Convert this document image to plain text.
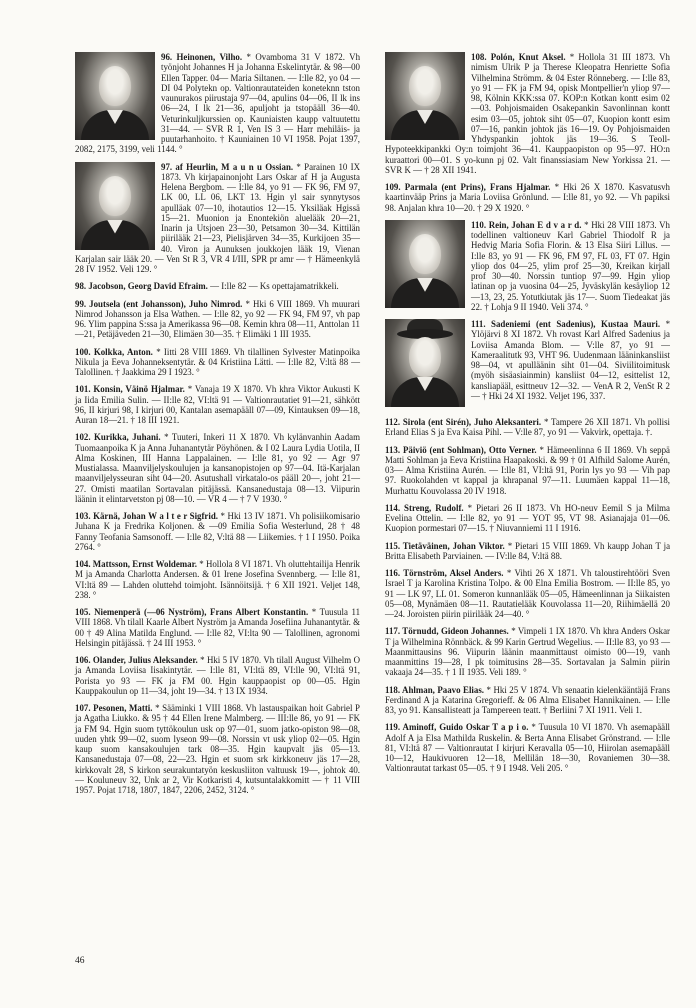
96. Heinonen, Vilho. * Ovamboma 31 V 1872. Vh työnjoht Johannes H ja Johanna Eskelintytär. & 98—00 Ellen Tapper. 04— Maria Siltanen. — I:lle 82, yo 04 — DI 04 Polytekn op. Valtionrautateiden koneteknn tston vaunurakos piirustaja 97—04, apulins 04—06, II lk ins 06—24, I lk 21—36, apuljoht ja tstopääll 36—40. Veturinkuljkurssien op. Kauniaisten kaupp valtuutettu 31—44. — SVR R 1, Ven IS 3 — Harr mehiläis- ja puutarhanhoito. † Kauniainen 10 VI 1958. Pojat 1397, 2082, 2175, 3199, veli 1144. °
97. af Heurlin, M a u n u Ossian. * Parainen 10 IX 1873. Vh kirjapainonjoht Lars Oskar af H ja Augusta Helena Bergbom. — I:lle 84, yo 91 — FK 96, FM 97, LK 00, LL 06, LKT 13. Hgin yl sair synnytysos apulläak 07—10, ihotautios 12—15. Yksiläak Hgissä 15—21. Muonion ja Enontekiön aluelääk 20—21, Inarin ja Utsjoen 23—30, Petsamon 30—34. Kittilän piirilääk 21—23, Pielisjärven 34—35, Kurkijoen 35—40. Viron ja Aunuksen joukkojen lääk 19, Vienan Karjalan sair lääk 20. — Ven St R 3, VR 4 I/III, SPR pr amr — † Hämeenkylä 28 IV 1952. Veli 129. °
98. Jacobson, Georg David Efraim. — I:lle 82 — Ks opettajamatrikkeli.
99. Joutsela (ent Johansson), Juho Nimrod. * Hki 6 VIII 1869. Vh muurari Nimrod Johansson ja Elsa Wathen. — I:lle 82, yo 92 — FK 94, FM 97, vh pap 96. Ylim pappina S:ssa ja Amerikassa 96—08. Kemin khra 08—11, Anttolan 11—21, Petäjäveden 21—30, Elimäen 30—35. † Elimäki 1 III 1935.
100. Kolkka, Anton. * Iitti 28 VIII 1869. Vh tilallinen Sylvester Matinpoika Nikula ja Eeva Johanneksentytär. & 04 Kristiina Lätti. — I:lle 82, V:ltä 88 — Talollinen. † Jaakkima 29 I 1923. °
101. Konsin, Väinö Hjalmar. * Vanaja 19 X 1870. Vh khra Viktor Aukusti K ja Iida Emilia Sulin. — II:lle 82, VI:ltä 91 — Valtionrautatiet 91—21, sähkött 96, II kirjuri 98, I kirjuri 00, Kantalan asemapääll 07—09, Kintauksen 09—18, Auran 18—21. † 18 III 1921.
102. Kurikka, Juhani. * Tuuteri, Inkeri 11 X 1870. Vh kylänvanhin Aadam Tuomaanpoika K ja Anna Juhanantytär Pöyhönen. & I 02 Laura Lydia Uotila, II Alma Koskinen, III Hanna Lappalainen. — I:lle 81, yo 92 — Agr 97 Mustialassa. Maanviljelyskoulujen ja kansanopistojen op 97—04. Itä-Karjalan maanviljelysseuran siht 04—20. Asutushall virkatalo-os pääll 20—, joht 21—27. Omisti maatilan Sortavalan pitäjässä. Kansanedustaja 08—13. Viipurin läänin it elintarvetston pj 08—10. — VR 4 — † 7 V 1930. °
103. Kärnä, Johan W a l t e r Sigfrid. * Hki 13 IV 1871. Vh polisiikomisario Juhana K ja Fredrika Koljonen. & —09 Emilia Sofia Westerlund, 28 † 48 Fanny Teofania Samsonoff. — I:lle 82, V:ltä 88 — Liikemies. † 1 I 1950. Poika 2764. °
104. Mattsson, Ernst Woldemar. * Hollola 8 VI 1871. Vh oluttehtailija Henrik M ja Amanda Charlotta Andersen. & 01 Irene Josefina Svennberg. — I:lle 81, VI:ltä 89 — Lahden oluttehd toimjoht. Isännöitsijä. † 6 XII 1921. Veljet 148, 238. °
105. Niemenperä (—06 Nyström), Frans Albert Konstantin. * Tuusula 11 VIII 1868. Vh tilall Kaarle Albert Nyström ja Amanda Josefiina Juhanantytär. & 00 † 49 Alina Matilda Englund. — I:lle 82, VI:lta 90 — Talollinen, agronomi Helsingin pitäjässä. † 24 III 1953. °
106. Olander, Julius Aleksander. * Hki 5 IV 1870. Vh tilall August Vilhelm O ja Amanda Loviisa Iisakintytär. — I:lle 81, VI:ltä 89, VI:lle 90, VI:ltä 91, Porista yo 93 — FK ja FM 00. Hgin kauppaopist op 00—05. Hgin Kauppakoulun op 11—34, joht 19—34. † 13 IX 1934.
107. Pesonen, Matti. * Sääminki 1 VIII 1868. Vh lastauspaikan hoit Gabriel P ja Agatha Liukko. & 95 † 44 Ellen Irene Malmberg. — III:lle 86, yo 91 — FK ja FM 94. Hgin suom tyttökoulun usk op 97—01, suom jatko-opiston 98—08, uuden yhtk 99—02, suom lyseon 99—08. Norssin vt usk yliop 02—05. Hgin kaup suom kansakoulujen tark 08—35. Hgin kaupvalt jäs 05—13. Kansanedustaja 07—08, 22—23. Hgin et suom srk kirkkoneuv jäs 17—28, kirkkovalt 28, S kirkon seurakuntatyön keskusliiton valtuusk 19—, johtok 40. — Kouluneuv 32, Unk ar 2, Vir Kotkaristi 4, kutsuntalakkomitt — † 11 VIII 1957. Pojat 1718, 1807, 1847, 2206, 2452, 3124. °
108. Polón, Knut Aksel. * Hollola 31 III 1873. Vh nimism Ulrik P ja Therese Kleopatra Henriette Sofia Vilhelmina Strömm. & 04 Ester Rönneberg. — I:lle 83, yo 91 — FK ja FM 94, opisk Montpellier'n yliop 97—98, Kölnin KKK:ssa 07. KOP:n Kotkan kontt esim 02—03. Pohjoismaiden Osakepankin Savonlinnan kontt esim 03—05, johtok siht 05—07, Kuopion kontt esim 07—16, pankin johtok jäs 16—19. Oy Pohjoismaiden Yhdyspankin johtok jäs 19—36. S Teoll-Hypoteekkipankki Oy:n toimjoht 36—41. Kauppaopiston op 95—97. HO:n kuraattori 00—01. S yo-kunn pj 02. Valt finanssiasiam New Yorkissa 21. — SVR K — † 28 XII 1941.
109. Parmala (ent Prins), Frans Hjalmar. * Hki 26 X 1870. Kasvatusvh kaartinvääp Prins ja Maria Loviisa Grönlund. — I:lle 81, yo 92. — Vh papiksi 98. Anjalan khra 10—20. † 29 X 1920. °
110. Rein, Johan E d v a r d. * Hki 28 VIII 1873. Vh todellinen valtioneuv Karl Gabriel Thiodolf R ja Hedvig Maria Sofia Florin. & 13 Elsa Siiri Lillus. — I:lle 83, yo 91 — FK 96, FM 97, FL 03, FT 07. Hgin yliop dos 04—25, ylim prof 25—30, Kreikan kirjall prof 30—40. Norssin tuntiop 97—99. Hgin yliop latinan op ja vuosina 04—25, Jyväskylän kesäyliop 12—13, 23, 25. Yotutkiutak jäs 17—. Suom Tiedeakat jäs 22. † Lohja 9 II 1940. Veli 374. °
111. Sadeniemi (ent Sadenius), Kustaa Mauri. * Ylöjärvi 8 XI 1872. Vh rovast Karl Alfred Sadenius ja Loviisa Amanda Blom. — V:lle 87, yo 91 — Kameraalitutk 93, VHT 96. Uudenmaan lääninkansliist 98—04, vt apulläänin siht 01—04. Siviilitoimitusk (myöh sisäasiainmin) kansliist 04—12, esittelist 12, kansliapääl, esittneuv 12—32. — VenA R 2, VenSt R 2 — † Hki 24 XI 1932. Veljet 196, 337.
112. Sirola (ent Sirén), Juho Aleksanteri. * Tampere 26 XII 1871. Vh pollisi Erland Elias S ja Eva Kaisa Pihl. — V:lle 87, yo 91 — Vakvirk, opettaja. †.
113. Päiviö (ent Sohlman), Otto Verner. * Hämeenlinna 6 II 1869. Vh seppä Matti Sohlman ja Eeva Kristiina Haapakoski. & 99 † 01 Alfhild Salome Aurén, 03— Alma Kristiina Aurén. — I:lle 81, VI:ltä 91, Porin lys yo 93 — Vih pap 97. Ruokolahden vt kappal ja khrapanal 97—11. Luumäen kappal 11—18, Murhattu Kouvolassa 20 IV 1918.
114. Streng, Rudolf. * Pietari 26 II 1873. Vh HO-neuv Eemil S ja Milma Evelina Ottelin. — I:lle 82, yo 91 — YOT 95, VT 98. Asianajaja 01—06. Kuopion pormestari 07—15. † Niuvanniemi 11 I 1916.
115. Tietäväinen, Johan Viktor. * Pietari 15 VIII 1869. Vh kaupp Johan T ja Britta Elisabeth Parviainen. — IV:lle 84, V:ltä 88.
116. Törnström, Aksel Anders. * Vihti 26 X 1871. Vh taloustirehtööri Sven Israel T ja Karolina Kristina Tolpo. & 00 Elna Emilia Bostrom. — II:lle 85, yo 91 — LK 97, LL 01. Someron kunnanlääk 05—05, Hämeenlinnan ja Siikaisten 05—08, Mynämäen 08—11. Rautatielääk Kouvolassa 11—20, Riihimäellä 20—24. Joroisten piirin piirilääk 24—40. °
117. Törnudd, Gideon Johannes. * Vimpeli 1 IX 1870. Vh khra Anders Oskar T ja Wilhelmina Rönnbäck. & 99 Karin Gertrud Wegelius. — II:lle 83, yo 93 — Maanmittausins 96. Viipurin läänin maanmittaust oimisto 00—19, vanh maanmittins 19—28, I pk toimitusins 28—35. Sortavalan ja Salmin piirin vakaaja 24—35. † 1 II 1935. Veli 189. °
118. Ahlman, Paavo Elias. * Hki 25 V 1874. Vh senaatin kielenkääntäjä Frans Ferdinand A ja Katarina Gregorieff. & 06 Alma Elisabet Hannikainen. — I:lle 83, yo 91. Kansallisteatt ja Tampereen teatt. † Berliini 7 XI 1911. Veli 1.
119. Aminoff, Guido Oskar T a p i o. * Tuusula 10 VI 1870. Vh asemapääll Adolf A ja Elsa Mathilda Ruskelin. & Berta Anna Elisabet Grönstrand. — I:lle 81, VI:ltä 87 — Valtionrautat I kirjuri Keravalla 05—10, Hiirolan asemapääll 10—12, Haukivuoren 12—18, Mellilän 18—30, Rovaniemen 30—38. Valtionrautat tarkast 05—05. † 9 I 1948. Veli 205. °
46
